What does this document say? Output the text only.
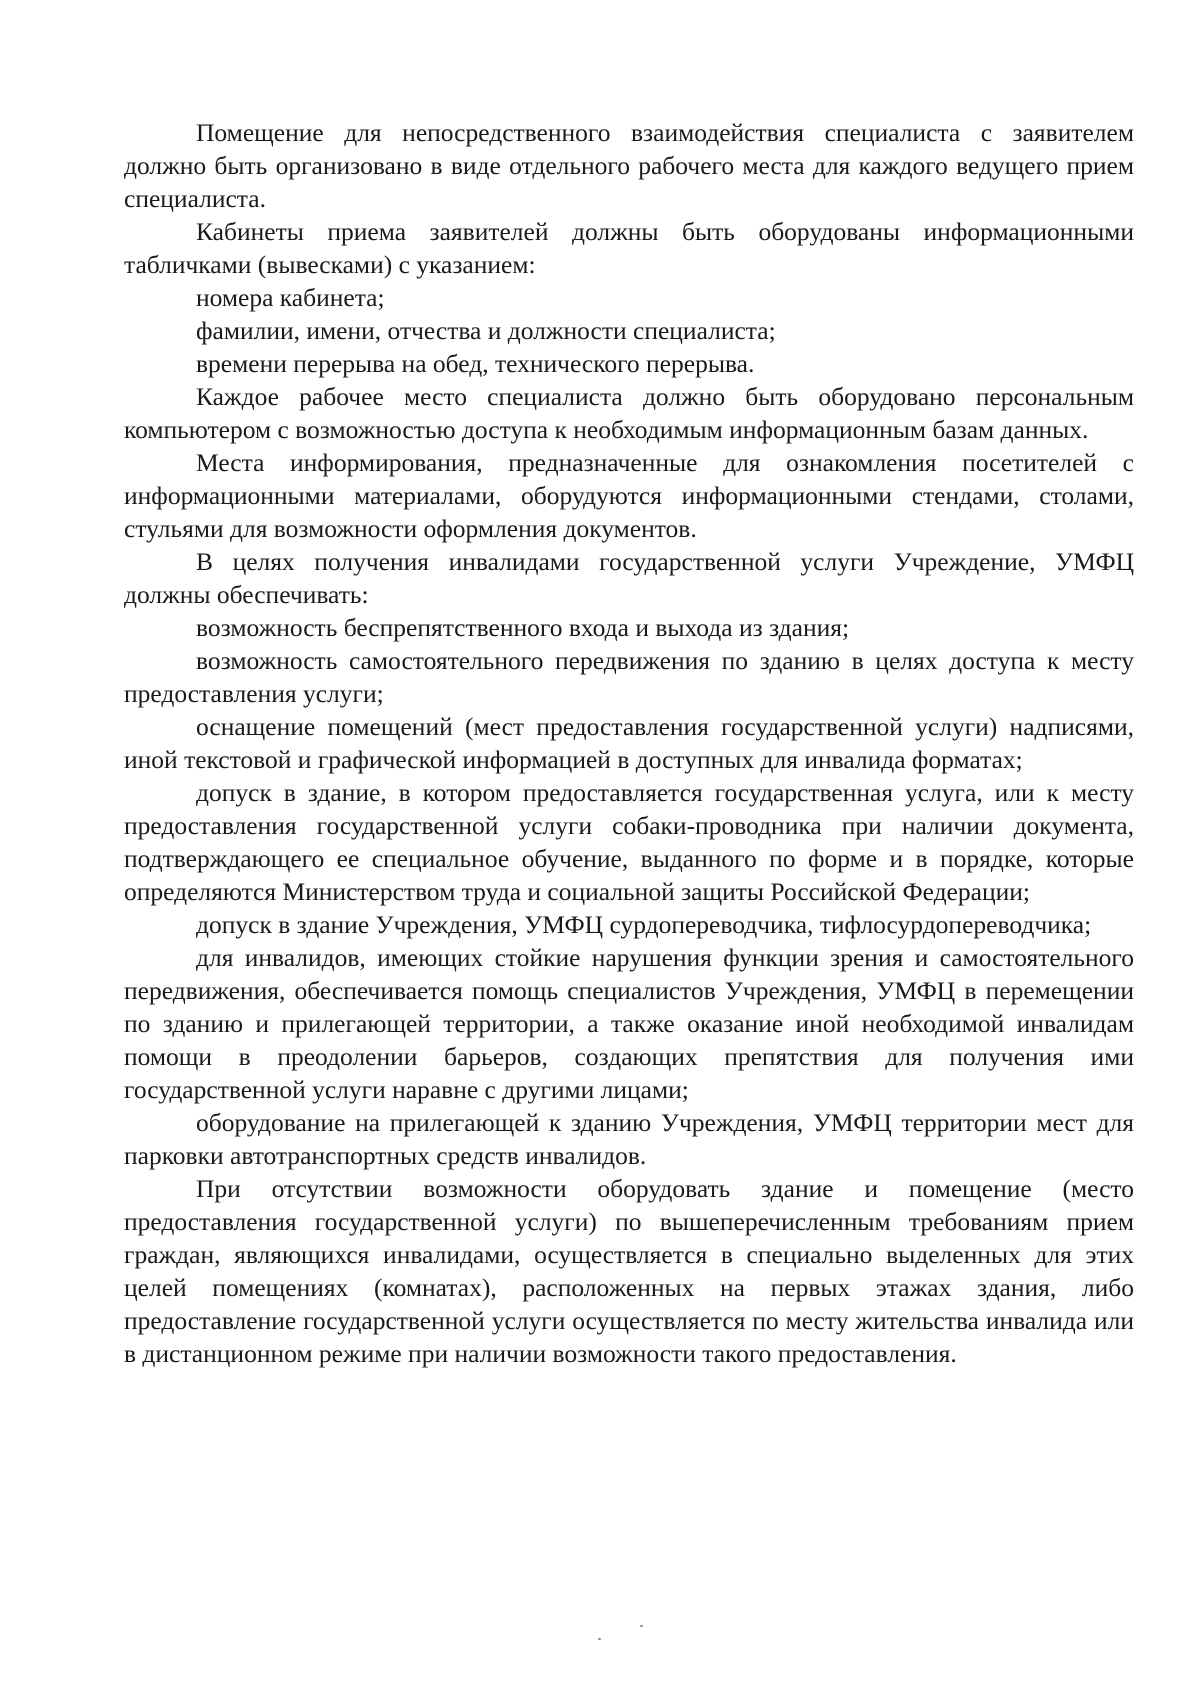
Помещение для непосредственного взаимодействия специалиста с заявителем должно быть организовано в виде отдельного рабочего места для каждого ведущего прием специалиста.

Кабинеты приема заявителей должны быть оборудованы информационными табличками (вывесками) с указанием:

номера кабинета;

фамилии, имени, отчества и должности специалиста;

времени перерыва на обед, технического перерыва.

Каждое рабочее место специалиста должно быть оборудовано персональным компьютером с возможностью доступа к необходимым информационным базам данных.

Места информирования, предназначенные для ознакомления посетителей с информационными материалами, оборудуются информационными стендами, столами, стульями для возможности оформления документов.

В целях получения инвалидами государственной услуги Учреждение, УМФЦ должны обеспечивать:

возможность беспрепятственного входа и выхода из здания;

возможность самостоятельного передвижения по зданию в целях доступа к месту предоставления услуги;

оснащение помещений (мест предоставления государственной услуги) надписями, иной текстовой и графической информацией в доступных для инвалида форматах;

допуск в здание, в котором предоставляется государственная услуга, или к месту предоставления государственной услуги собаки-проводника при наличии документа, подтверждающего ее специальное обучение, выданного по форме и в порядке, которые определяются Министерством труда и социальной защиты Российской Федерации;

допуск в здание Учреждения, УМФЦ сурдопереводчика, тифлосурдопереводчика;

для инвалидов, имеющих стойкие нарушения функции зрения и самостоятельного передвижения, обеспечивается помощь специалистов Учреждения, УМФЦ в перемещении по зданию и прилегающей территории, а также оказание иной необходимой инвалидам помощи в преодолении барьеров, создающих препятствия для получения ими государственной услуги наравне с другими лицами;

оборудование на прилегающей к зданию Учреждения, УМФЦ территории мест для парковки автотранспортных средств инвалидов.

При отсутствии возможности оборудовать здание и помещение (место предоставления государственной услуги) по вышеперечисленным требованиям прием граждан, являющихся инвалидами, осуществляется в специально выделенных для этих целей помещениях (комнатах), расположенных на первых этажах здания, либо предоставление государственной услуги осуществляется по месту жительства инвалида или в дистанционном режиме при наличии возможности такого предоставления.
